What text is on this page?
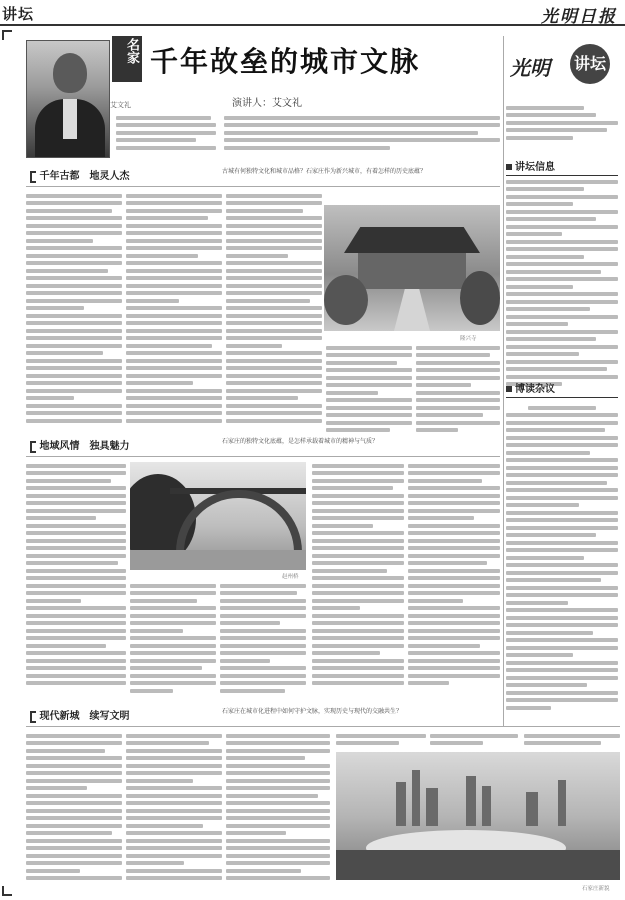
讲坛	光明日报
名家 千年故垒的城市文脉
演讲人：艾文礼
艾文礼
光明 讲坛
讲坛信息
博读杂议
千年古都　地灵人杰	古城有何独特文化和城市品格？石家庄作为新兴城市，有着怎样的历史底蕴？
隆兴寺
地域风情　独具魅力	石家庄的独特文化底蕴，是怎样承载着城市的精神与气质？
赵州桥
现代新城　续写文明	石家庄在城市化进程中如何守护文脉，实现历史与现代的交融共生？
石家庄新貌
